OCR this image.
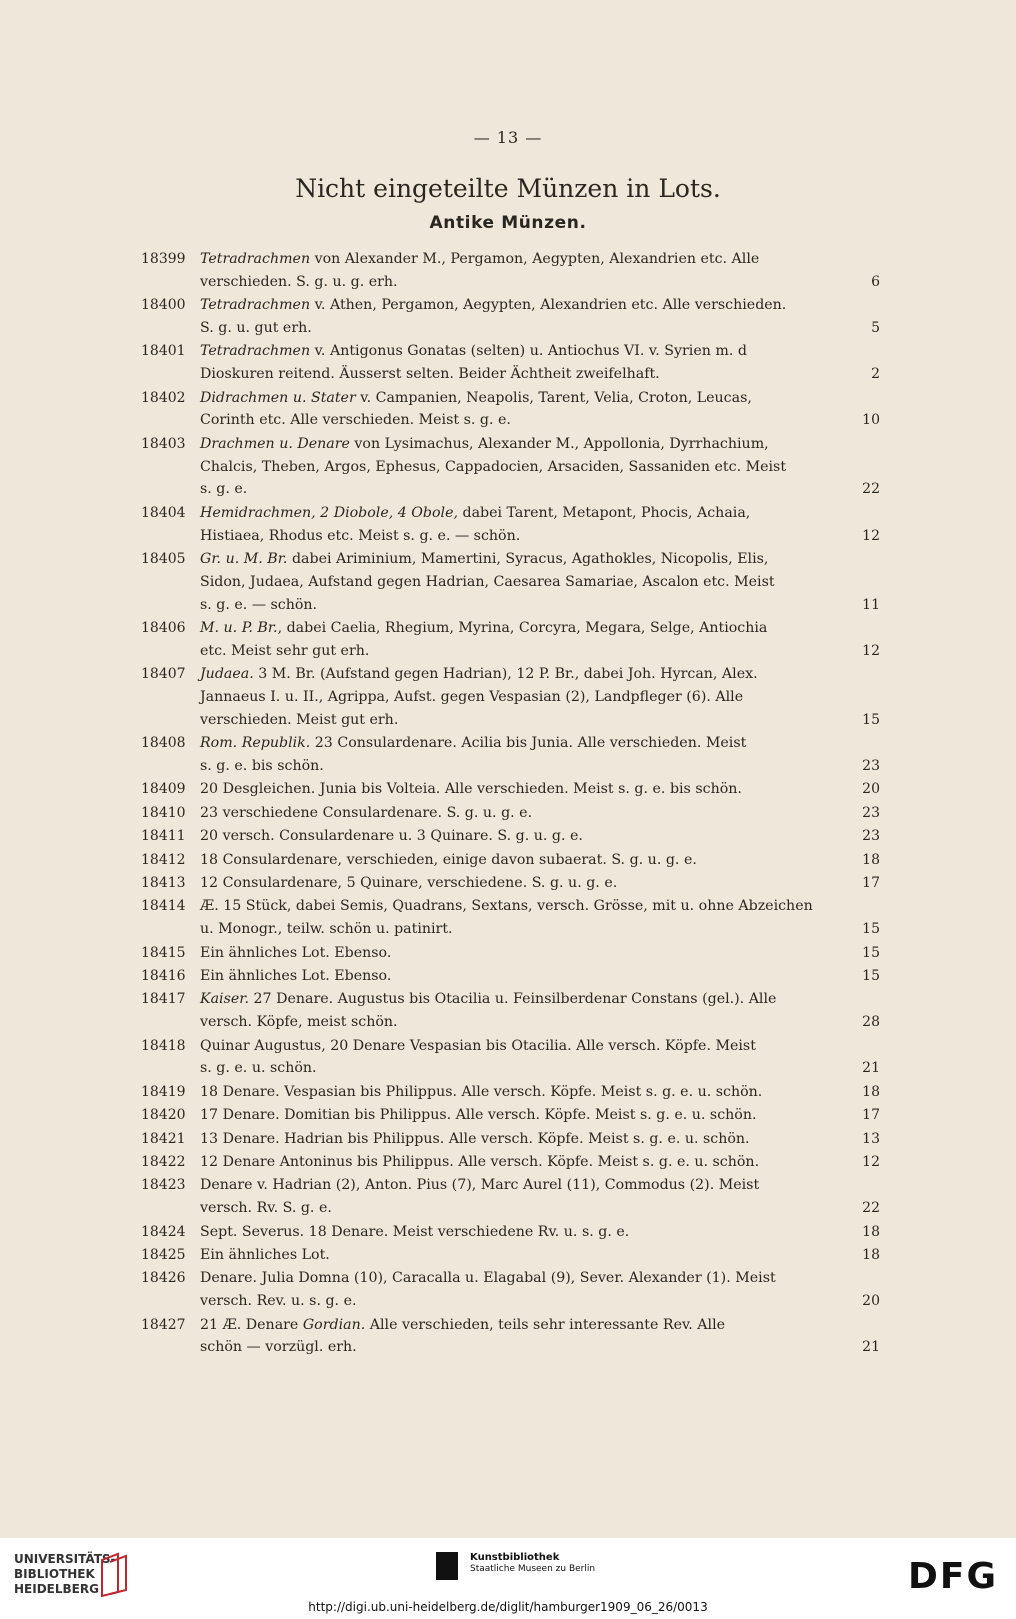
— 13 —
Nicht eingeteilte Münzen in Lots.
Antike Münzen.
18399 Tetradrachmen von Alexander M., Pergamon, Aegypten, Alexandrien etc. Alle
verschieden. S. g. u. g. erh.	6
18400 Tetradrachmen v. Athen, Pergamon, Aegypten, Alexandrien etc. Alle verschieden.
S. g. u. gut erh.	5
18401 Tetradrachmen v. Antigonus Gonatas (selten) u. Antiochus VI. v. Syrien m. d
Dioskuren reitend. Äusserst selten. Beider Ächtheit zweifelhaft.	2
18402 Didrachmen u. Stater v. Campanien, Neapolis, Tarent, Velia, Croton, Leucas,
Corinth etc. Alle verschieden. Meist s. g. e.	10
18403 Drachmen u. Denare von Lysimachus, Alexander M., Appollonia, Dyrrhachium,
Chalcis, Theben, Argos, Ephesus, Cappadocien, Arsaciden, Sassaniden etc. Meist
s. g. e.	22
18404 Hemidrachmen, 2 Diobole, 4 Obole, dabei Tarent, Metapont, Phocis, Achaia,
Histiaea, Rhodus etc. Meist s. g. e. — schön.	12
18405 Gr. u. M. Br. dabei Ariminium, Mamertini, Syracus, Agathokles, Nicopolis, Elis,
Sidon, Judaea, Aufstand gegen Hadrian, Caesarea Samariae, Ascalon etc. Meist
s. g. e. — schön.	11
18406 M. u. P. Br., dabei Caelia, Rhegium, Myrina, Corcyra, Megara, Selge, Antiochia
etc. Meist sehr gut erh.	12
18407 Judaea. 3 M. Br. (Aufstand gegen Hadrian), 12 P. Br., dabei Joh. Hyrcan, Alex.
Jannaeus I. u. II., Agrippa, Aufst. gegen Vespasian (2), Landpfleger (6). Alle
verschieden. Meist gut erh.	15
18408 Rom. Republik. 23 Consulardenare. Acilia bis Junia. Alle verschieden. Meist
s. g. e. bis schön.	23
18409 20 Desgleichen. Junia bis Volteia. Alle verschieden. Meist s. g. e. bis schön.	20
18410 23 verschiedene Consulardenare. S. g. u. g. e.	23
18411 20 versch. Consulardenare u. 3 Quinare. S. g. u. g. e.	23
18412 18 Consulardenare, verschieden, einige davon subaerat. S. g. u. g. e.	18
18413 12 Consulardenare, 5 Quinare, verschiedene. S. g. u. g. e.	17
18414 Æ. 15 Stück, dabei Semis, Quadrans, Sextans, versch. Grösse, mit u. ohne Abzeichen
u. Monogr., teilw. schön u. patinirt.	15
18415 Ein ähnliches Lot. Ebenso.	15
18416 Ein ähnliches Lot. Ebenso.	15
18417 Kaiser. 27 Denare. Augustus bis Otacilia u. Feinsilberdenar Constans (gel.). Alle
versch. Köpfe, meist schön.	28
18418 Quinar Augustus, 20 Denare Vespasian bis Otacilia. Alle versch. Köpfe. Meist
s. g. e. u. schön.	21
18419 18 Denare. Vespasian bis Philippus. Alle versch. Köpfe. Meist s. g. e. u. schön.	18
18420 17 Denare. Domitian bis Philippus. Alle versch. Köpfe. Meist s. g. e. u. schön.	17
18421 13 Denare. Hadrian bis Philippus. Alle versch. Köpfe. Meist s. g. e. u. schön.	13
18422 12 Denare Antoninus bis Philippus. Alle versch. Köpfe. Meist s. g. e. u. schön.	12
18423 Denare v. Hadrian (2), Anton. Pius (7), Marc Aurel (11), Commodus (2). Meist
versch. Rv. S. g. e.	22
18424 Sept. Severus. 18 Denare. Meist verschiedene Rv. u. s. g. e.	18
18425 Ein ähnliches Lot.	18
18426 Denare. Julia Domna (10), Caracalla u. Elagabal (9), Sever. Alexander (1). Meist
versch. Rev. u. s. g. e.	20
18427 21 Æ. Denare Gordian. Alle verschieden, teils sehr interessante Rev. Alle
schön — vorzügl. erh.	21
UNIVERSITÄTS-
BIBLIOTHEK
HEIDELBERG
Kunstbibliothek
Staatliche Museen zu Berlin	DFG
http://digi.ub.uni-heidelberg.de/diglit/hamburger1909_06_26/0013
